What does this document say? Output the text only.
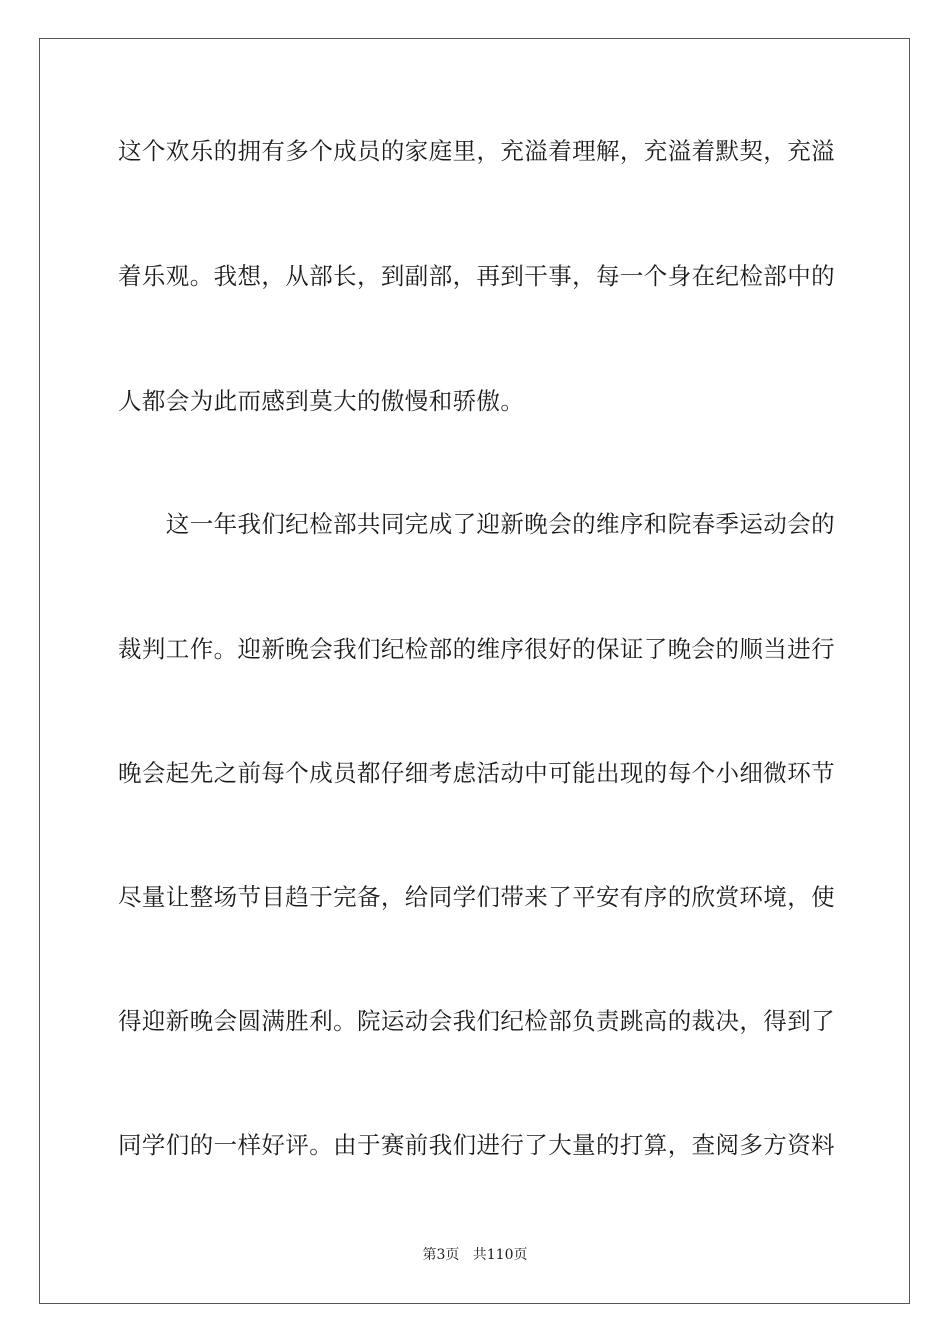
这个欢乐的拥有多个成员的家庭里，充溢着理解，充溢着默契，充溢
着乐观。我想，从部长，到副部，再到干事，每一个身在纪检部中的
人都会为此而感到莫大的傲慢和骄傲。
　　这一年我们纪检部共同完成了迎新晚会的维序和院春季运动会的
裁判工作。迎新晚会我们纪检部的维序很好的保证了晚会的顺当进行
晚会起先之前每个成员都仔细考虑活动中可能出现的每个小细微环节
尽量让整场节目趋于完备，给同学们带来了平安有序的欣赏环境，使
得迎新晚会圆满胜利。院运动会我们纪检部负责跳高的裁决，得到了
同学们的一样好评。由于赛前我们进行了大量的打算，查阅多方资料
第3页 共110页
